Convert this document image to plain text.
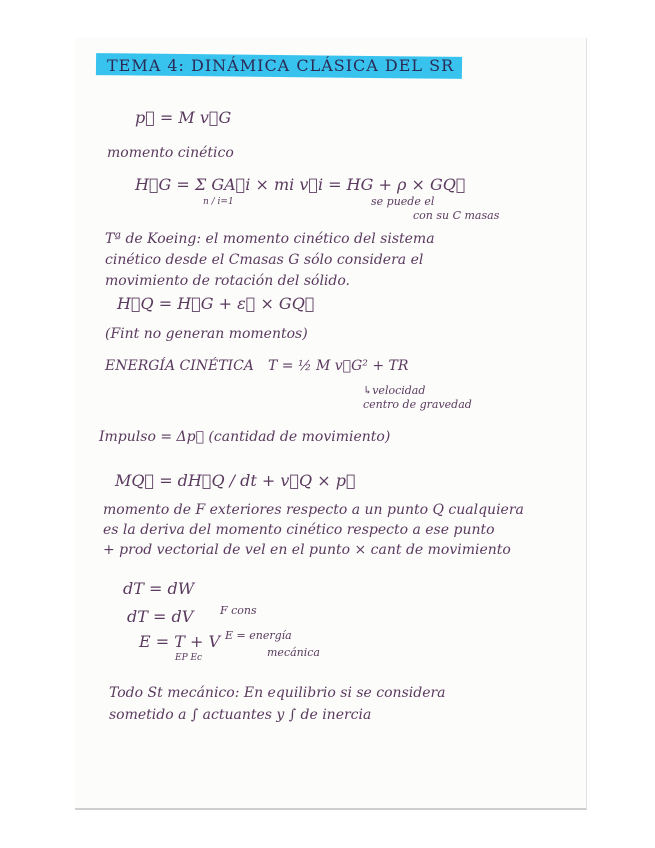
TEMA 4: DINÁMICA CLÁSICA DEL SR

p⃗ = M v⃗G

momento cinético

H⃗G = Σ GA⃗i × mi v⃗i = HG + ρ × GQ⃗

n / i=1	se puede el

con su C masas

Tª de Koeing: el momento cinético del sistema

cinético desde el Cmasas G sólo considera el

movimiento de rotación del sólido.

H⃗Q = H⃗G + ε⃗ × GQ⃗

(Fint no generan momentos)

ENERGÍA CINÉTICA T = ½ M v⃗G² + TR

↳velocidad

centro de gravedad

Impulso = Δp⃗ (cantidad de movimiento)

MQ⃗ = dH⃗Q / dt + v⃗Q × p⃗

momento de F exteriores respecto a un punto Q cualquiera

es la deriva del momento cinético respecto a ese punto

+ prod vectorial de vel en el punto × cant de movimiento

dT = dW

dT = dV F cons

E = T + V

EP Ec

E = energía

mecánica

Todo St mecánico: En equilibrio si se considera

sometido a ∫ actuantes y ∫ de inercia
